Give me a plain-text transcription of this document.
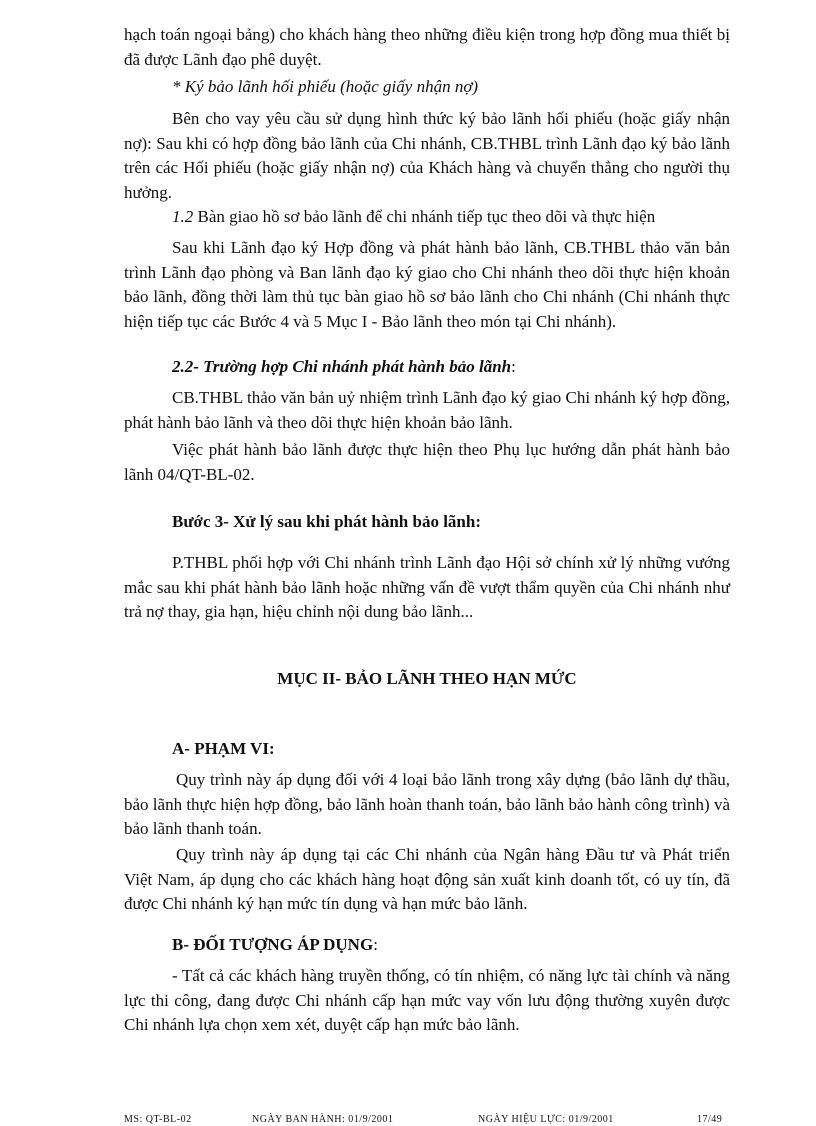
hạch toán ngoại bảng) cho khách hàng theo những điều kiện trong hợp đồng mua thiết bị đã được Lãnh đạo phê duyệt.

* Ký bảo lãnh hối phiếu (hoặc giấy nhận nợ)

Bên cho vay yêu cầu sử dụng hình thức ký bảo lãnh hối phiếu (hoặc giấy nhận nợ): Sau khi có hợp đồng bảo lãnh của Chi nhánh, CB.THBL trình Lãnh đạo ký bảo lãnh trên các Hối phiếu (hoặc giấy nhận nợ) của Khách hàng và chuyển thẳng cho người thụ hưởng.

1.2 Bàn giao hồ sơ bảo lãnh để chi nhánh tiếp tục theo dõi và thực hiện

Sau khi Lãnh đạo ký Hợp đồng và phát hành bảo lãnh, CB.THBL thảo văn bản trình Lãnh đạo phòng và Ban lãnh đạo ký giao cho Chi nhánh theo dõi thực hiện khoản bảo lãnh, đồng thời làm thủ tục bàn giao hồ sơ bảo lãnh cho Chi nhánh (Chi nhánh thực hiện tiếp tục các Bước 4 và 5 Mục I - Bảo lãnh theo món tại Chi nhánh).

2.2- Trường hợp Chi nhánh phát hành bảo lãnh:

CB.THBL thảo văn bản uỷ nhiệm trình Lãnh đạo ký giao Chi nhánh ký hợp đồng, phát hành bảo lãnh và theo dõi thực hiện khoản bảo lãnh.

Việc phát hành bảo lãnh được thực hiện theo Phụ lục hướng dẫn phát hành bảo lãnh 04/QT-BL-02.

Bước 3- Xử lý sau khi phát hành bảo lãnh:

P.THBL phối hợp với Chi nhánh trình Lãnh đạo Hội sở chính xử lý những vướng mắc sau khi phát hành bảo lãnh hoặc những vấn đề vượt thẩm quyền của Chi nhánh như trả nợ thay, gia hạn, hiệu chỉnh nội dung bảo lãnh...

MỤC II- BẢO LÃNH THEO HẠN MỨC

A- PHẠM VI:

Quy trình này áp dụng đối với 4 loại bảo lãnh trong xây dựng (bảo lãnh dự thầu, bảo lãnh thực hiện hợp đồng, bảo lãnh hoàn thanh toán, bảo lãnh bảo hành công trình) và bảo lãnh thanh toán.

Quy trình này áp dụng tại các Chi nhánh của Ngân hàng Đầu tư và Phát triển Việt Nam, áp dụng cho các khách hàng hoạt động sản xuất kinh doanh tốt, có uy tín, đã được Chi nhánh ký hạn mức tín dụng và hạn mức bảo lãnh.

B- ĐỐI TƯỢNG ÁP DỤNG:

- Tất cả các khách hàng truyền thống, có tín nhiệm, có năng lực tài chính và năng lực thi công, đang được Chi nhánh cấp hạn mức vay vốn lưu động thường xuyên được Chi nhánh lựa chọn xem xét, duyệt cấp hạn mức bảo lãnh.

MS: QT-BL-02	NGÀY BAN HÀNH: 01/9/2001	NGÀY HIỆU LỰC: 01/9/2001	17/49
